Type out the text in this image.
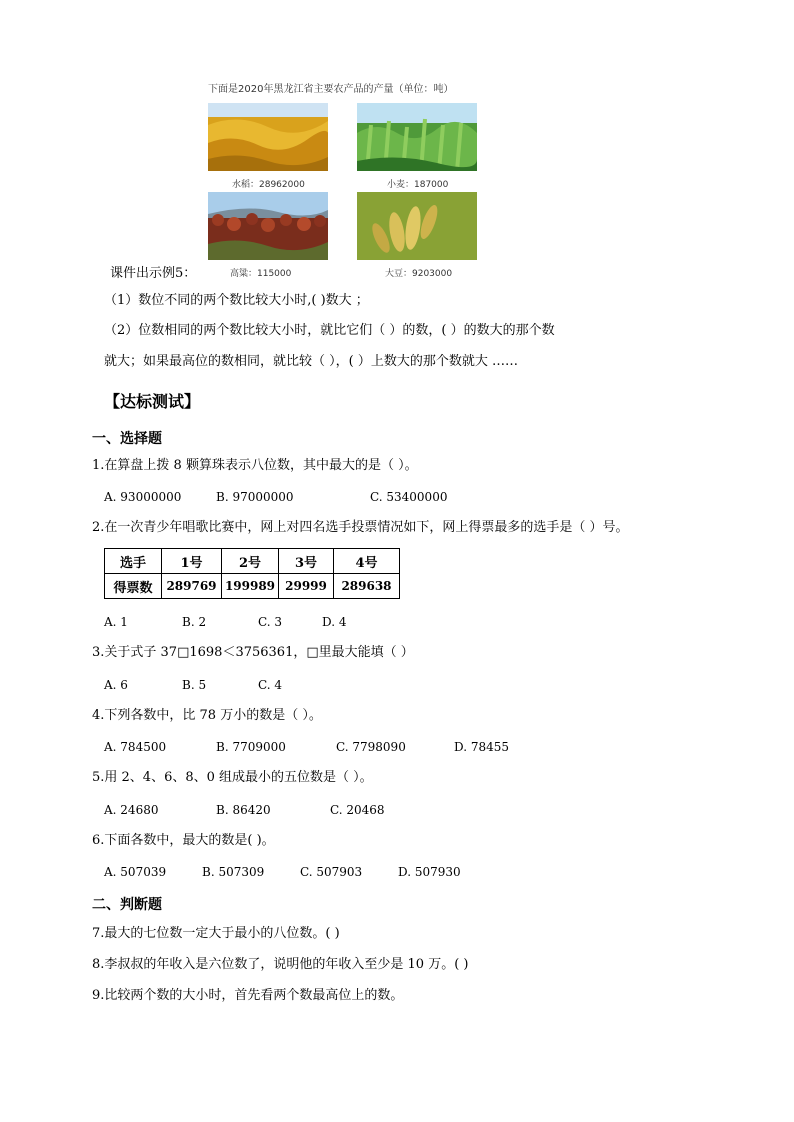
下面是2020年黑龙江省主要农产品的产量（单位：吨）
水稻：28962000	小麦：187000
高粱：115000	大豆：9203000
课件出示例5：
（1）数位不同的两个数比较大小时,( )数大 ；
（2）位数相同的两个数比较大小时，就比它们（ ）的数，( ）的数大的那个数
就大；如果最高位的数相同，就比较（ ），( ）上数大的那个数就大 ……
【达标测试】
一、选择题
1.在算盘上拨 8 颗算珠表示八位数，其中最大的是（ ）。
A. 93000000	B. 97000000	C. 53400000
2.在一次青少年唱歌比赛中，网上对四名选手投票情况如下，网上得票最多的选手是（ ）号。
选手	1号	2号	3号	4号
得票数	289769	199989	29999	289638
A. 1	B. 2	C. 3	D. 4
3.关于式子 37□1698＜3756361，□里最大能填（ ）
A. 6	B. 5	C. 4
4.下列各数中，比 78 万小的数是（ ）。
A. 784500	B. 7709000	C. 7798090	D. 78455
5.用 2、4、6、8、0 组成最小的五位数是（ ）。
A. 24680	B. 86420	C. 20468
6.下面各数中，最大的数是( )。
A. 507039	B. 507309	C. 507903	D. 507930
二、判断题
7.最大的七位数一定大于最小的八位数。( )
8.李叔叔的年收入是六位数了，说明他的年收入至少是 10 万。( )
9.比较两个数的大小时，首先看两个数最高位上的数。
